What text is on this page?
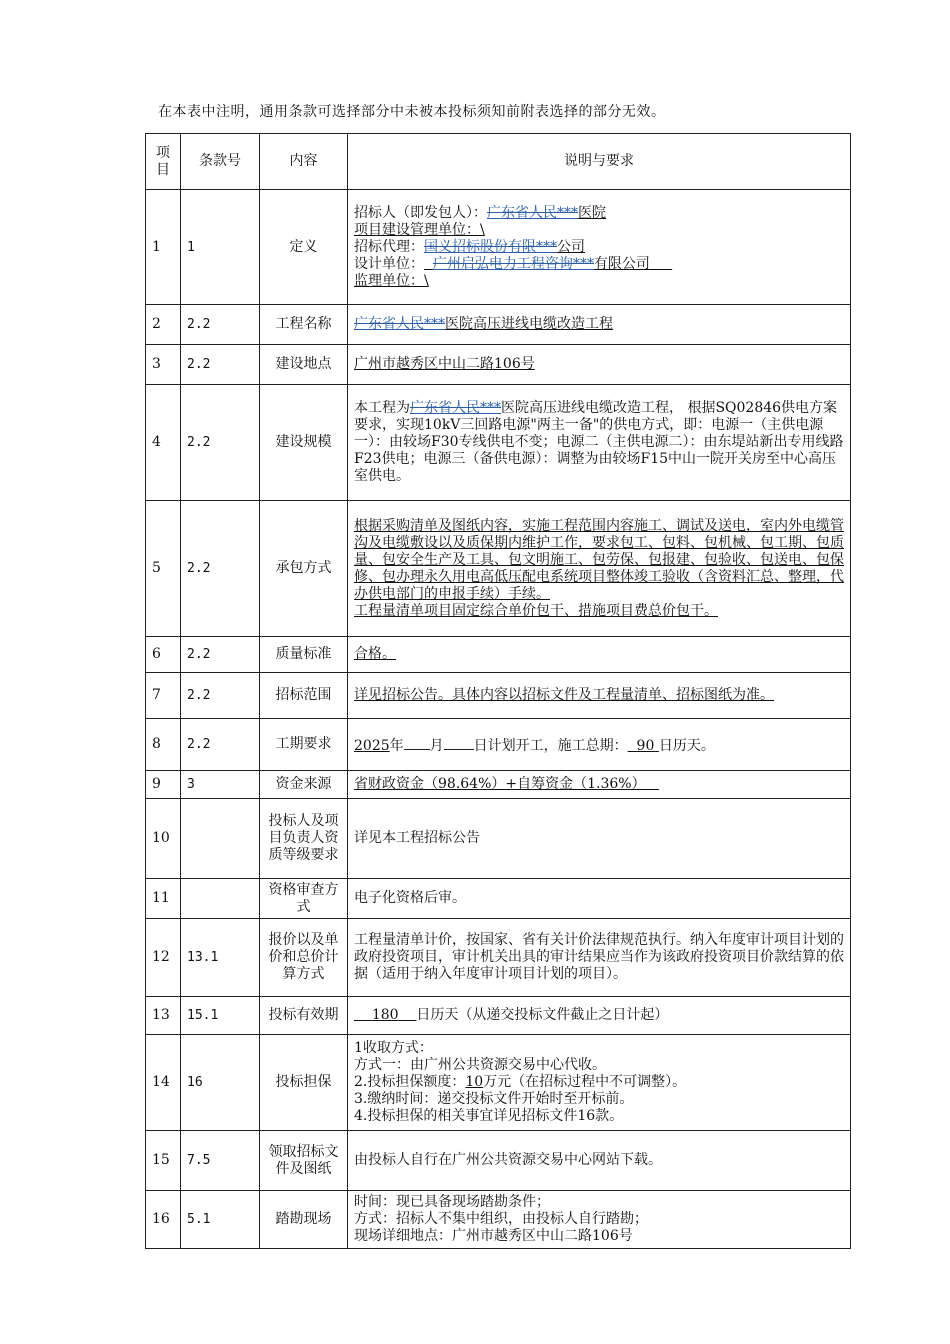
在本表中注明，通用条款可选择部分中未被本投标须知前附表选择的部分无效。
项目	条款号	内容	说明与要求
1	1	定义	招标人（即发包人）：广东省人民***医院
项目建设管理单位：\
招标代理：国义招标股份有限***公司
设计单位： 广州启弘电力工程咨询***有限公司
监理单位：\

2	2.2	工程名称	广东省人民***医院高压进线电缆改造工程
3	2.2	建设地点	广州市越秀区中山二路106号
4	2.2	建设规模	本工程为广东省人民***医院高压进线电缆改造工程， 根据SQ02846供电方案要求，实现10kV三回路电源"两主一备"的供电方式，即：电源一（主供电源一）：由较场F30专线供电不变；电源二（主供电源二）：由东堤站新出专用线路F23供电；电源三（备供电源）：调整为由较场F15中山一院开关房至中心高压室供电。
5	2.2	承包方式	根据采购清单及图纸内容，实施工程范围内容施工、调试及送电，室内外电缆管沟及电缆敷设以及质保期内维护工作，要求包工、包料、包机械、包工期、包质量、包安全生产及工具、包文明施工、包劳保、包报建、包验收、包送电、包保修、包办理永久用电高低压配电系统项目整体竣工验收（含资料汇总、整理，代办供电部门的申报手续）手续。
工程量清单项目固定综合单价包干、措施项目费总价包干。

6	2.2	质量标准	合格。
7	2.2	招标范围	详见招标公告。具体内容以招标文件及工程量清单、招标图纸为准。
8	2.2	工期要求	2025年 月 日计划开工，施工总期： 90 日历天。
9	3	资金来源	省财政资金（98.64%）+自筹资金（1.36%）
10		投标人及项目负责人资质等级要求	详见本工程招标公告
11		资格审查方式	电子化资格后审。
12	13.1	报价以及单价和总价计算方式	工程量清单计价，按国家、省有关计价法律规范执行。纳入年度审计项目计划的政府投资项目，审计机关出具的审计结果应当作为该政府投资项目价款结算的依据（适用于纳入年度审计项目计划的项目）。
13	15.1	投标有效期	180 日历天（从递交投标文件截止之日计起）
14	16	投标担保	1收取方式：
方式一：由广州公共资源交易中心代收。
2.投标担保额度：10万元（在招标过程中不可调整）。
3.缴纳时间：递交投标文件开始时至开标前。
4.投标担保的相关事宜详见招标文件16款。

15	7.5	领取招标文件及图纸	由投标人自行在广州公共资源交易中心网站下载。
16	5.1	踏勘现场	时间：现已具备现场踏勘条件；
方式：招标人不集中组织，由投标人自行踏勘；
现场详细地点：广州市越秀区中山二路106号
